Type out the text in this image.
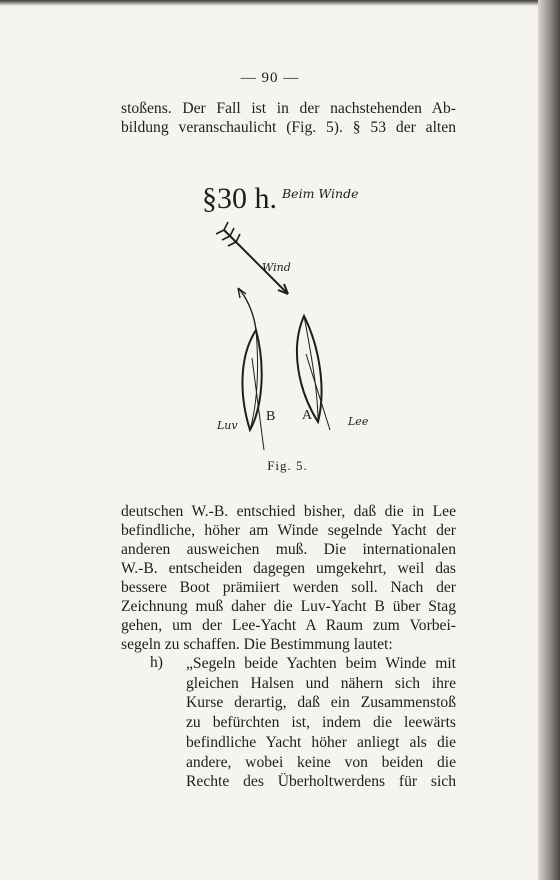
— 90 —
stoßens. Der Fall ist in der nachstehenden Ab-
bildung veranschaulicht (Fig. 5). § 53 der alten
§30 h. Beim Winde
Wind
B
Luv
A	Lee
Fig. 5.
deutschen W.-B. entschied bisher, daß die in Lee
befindliche, höher am Winde segelnde Yacht der
anderen ausweichen muß. Die internationalen
W.-B. entscheiden dagegen umgekehrt, weil das
bessere Boot prämiiert werden soll. Nach der
Zeichnung muß daher die Luv-Yacht B über Stag
gehen, um der Lee-Yacht A Raum zum Vorbei-
segeln zu schaffen. Die Bestimmung lautet:
h) „Segeln beide Yachten beim Winde mit
gleichen Halsen und nähern sich ihre
Kurse derartig, daß ein Zusammenstoß
zu befürchten ist, indem die leewärts
befindliche Yacht höher anliegt als die
andere, wobei keine von beiden die
Rechte des Überholtwerdens für sich
